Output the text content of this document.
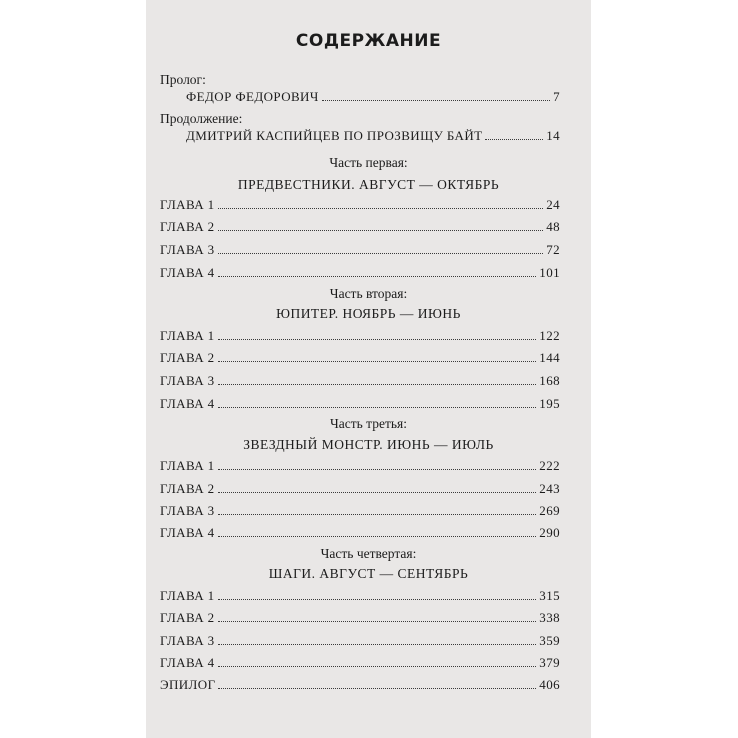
СОДЕРЖАНИЕ
Пролог:
ФЕДОР ФЕДОРОВИЧ	7
Продолжение:
ДМИТРИЙ КАСПИЙЦЕВ ПО ПРОЗВИЩУ БАЙТ	14
Часть первая:
ПРЕДВЕСТНИКИ. АВГУСТ — ОКТЯБРЬ
ГЛАВА 1	24
ГЛАВА 2	48
ГЛАВА 3	72
ГЛАВА 4	101
Часть вторая:
ЮПИТЕР. НОЯБРЬ — ИЮНЬ
ГЛАВА 1	122
ГЛАВА 2	144
ГЛАВА 3	168
ГЛАВА 4	195
Часть третья:
ЗВЕЗДНЫЙ МОНСТР. ИЮНЬ — ИЮЛЬ
ГЛАВА 1	222
ГЛАВА 2	243
ГЛАВА 3	269
ГЛАВА 4	290
Часть четвертая:
ШАГИ. АВГУСТ — СЕНТЯБРЬ
ГЛАВА 1	315
ГЛАВА 2	338
ГЛАВА 3	359
ГЛАВА 4	379
ЭПИЛОГ	406
